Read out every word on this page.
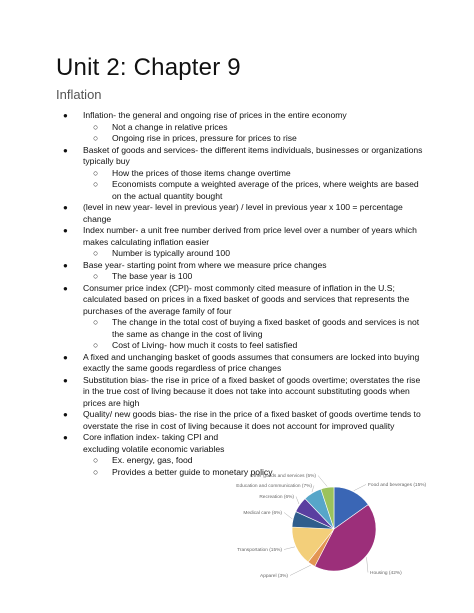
Unit 2: Chapter 9
Inflation
● Inflation- the general and ongoing rise of prices in the entire economy
○ Not a change in relative prices
○ Ongoing rise in prices, pressure for prices to rise
● Basket of goods and services- the different items individuals, businesses or organizations typically buy
○ How the prices of those items change overtime
○ Economists compute a weighted average of the prices, where weights are based on the actual quantity bought
● (level in new year- level in previous year) / level in previous year x 100 = percentage change
● Index number- a unit free number derived from price level over a number of years which makes calculating inflation easier
○ Number is typically around 100
● Base year- starting point from where we measure price changes
○ The base year is 100
● Consumer price index (CPI)- most commonly cited measure of inflation in the U.S; calculated based on prices in a fixed basket of goods and services that represents the purchases of the average family of four
○ The change in the total cost of buying a fixed basket of goods and services is not the same as change in the cost of living
○ Cost of Living- how much it costs to feel satisfied
● A fixed and unchanging basket of goods assumes that consumers are locked into buying exactly the same goods regardless of price changes
● Substitution bias- the rise in price of a fixed basket of goods overtime; overstates the rise in the true cost of living because it does not take into account substituting goods when prices are high
● Quality/ new goods bias- the rise in the price of a fixed basket of goods overtime tends to overstate the rise in cost of living because it does not account for improved quality
● Core inflation index- taking CPI and excluding volatile economic variables
○ Ex. energy, gas, food
○ Provides a better guide to monetary policy
Food and beverages (15%)
Housing (42%)
Apparel (3%)
Transportation (15%)
Medical care (6%)
Recreation (6%)
Education and communication (7%)
Other goods and services (5%)
